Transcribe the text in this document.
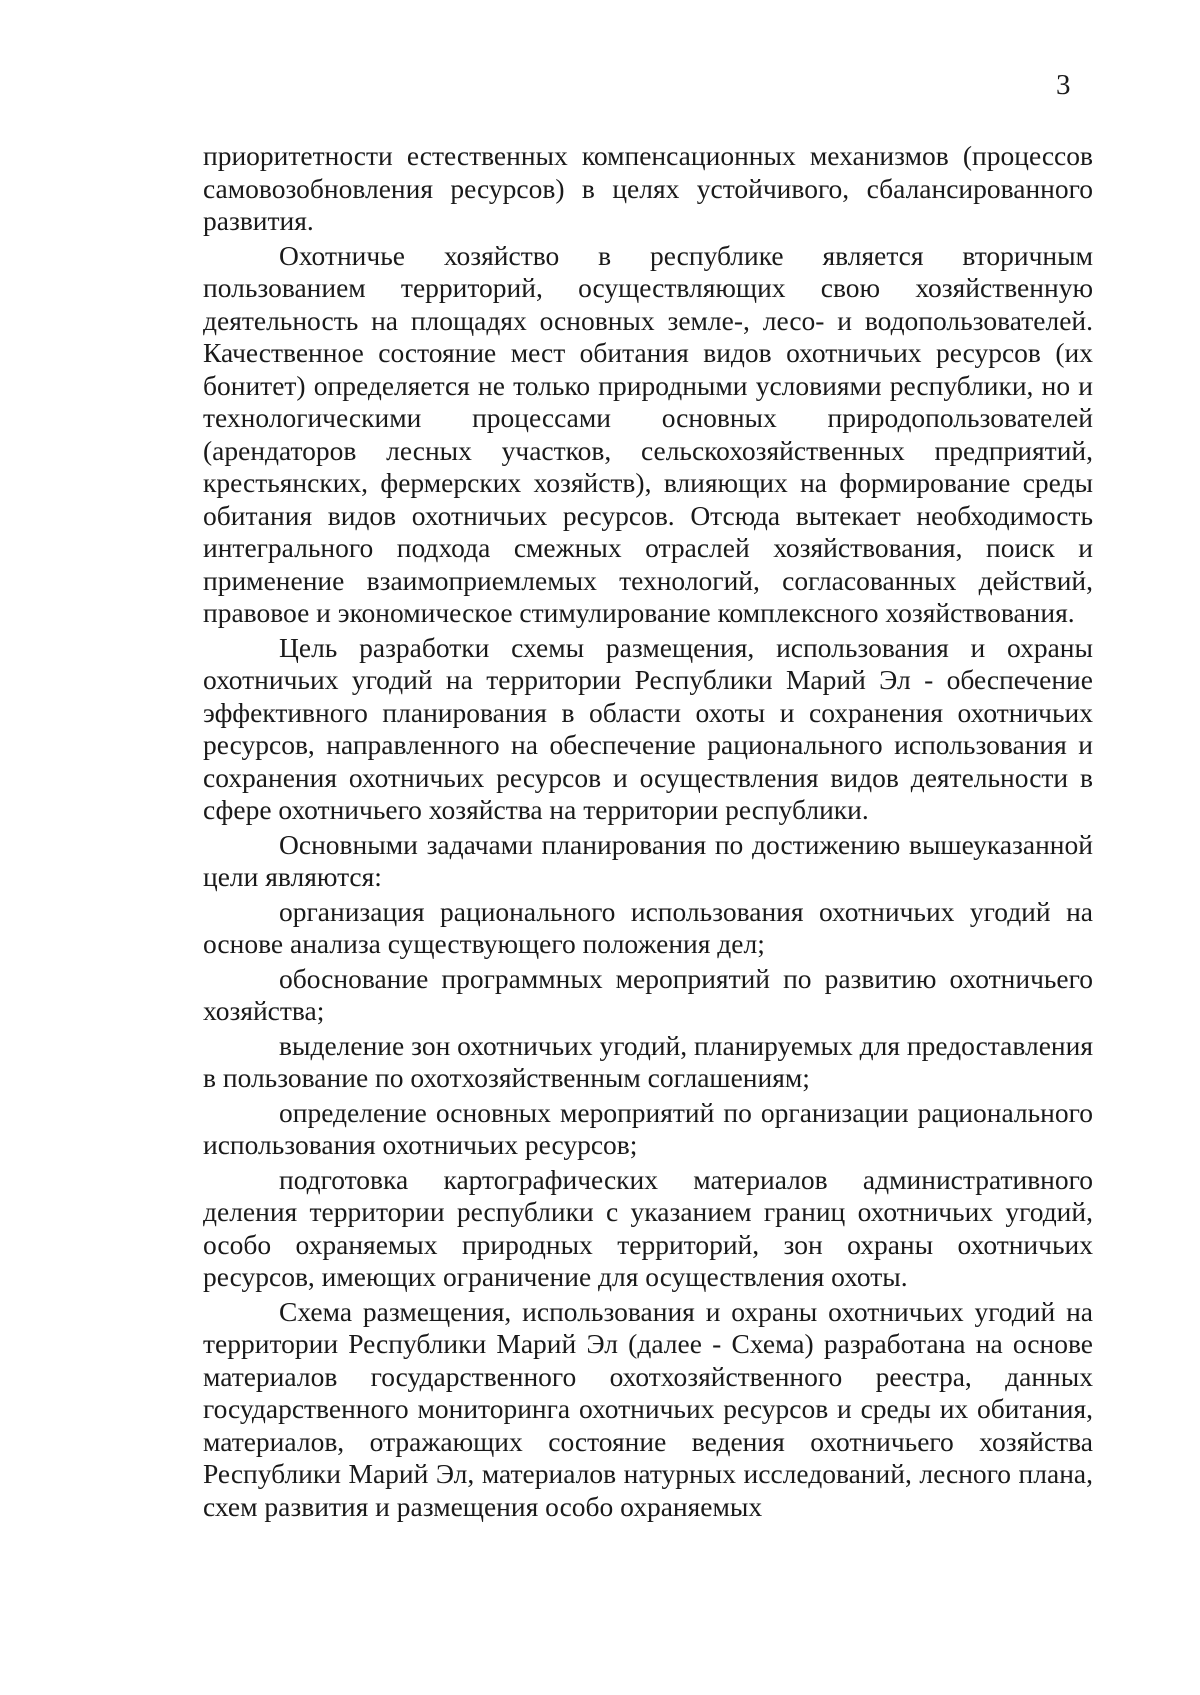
3

приоритетности естественных компенсационных механизмов (процессов самовозобновления ресурсов) в целях устойчивого, сбалансированного развития.

Охотничье хозяйство в республике является вторичным пользованием территорий, осуществляющих свою хозяйственную деятельность на площадях основных земле-, лесо- и водопользователей. Качественное состояние мест обитания видов охотничьих ресурсов (их бонитет) определяется не только природными условиями республики, но и технологическими процессами основных природопользователей (арендаторов лесных участков, сельскохозяйственных предприятий, крестьянских, фермерских хозяйств), влияющих на формирование среды обитания видов охотничьих ресурсов. Отсюда вытекает необходимость интегрального подхода смежных отраслей хозяйствования, поиск и применение взаимоприемлемых технологий, согласованных действий, правовое и экономическое стимулирование комплексного хозяйствования.

Цель разработки схемы размещения, использования и охраны охотничьих угодий на территории Республики Марий Эл - обеспечение эффективного планирования в области охоты и сохранения охотничьих ресурсов, направленного на обеспечение рационального использования и сохранения охотничьих ресурсов и осуществления видов деятельности в сфере охотничьего хозяйства на территории республики.

Основными задачами планирования по достижению вышеуказанной цели являются:

организация рационального использования охотничьих угодий на основе анализа существующего положения дел;

обоснование программных мероприятий по развитию охотничьего хозяйства;

выделение зон охотничьих угодий, планируемых для предоставления в пользование по охотхозяйственным соглашениям;

определение основных мероприятий по организации рационального использования охотничьих ресурсов;

подготовка картографических материалов административного деления территории республики с указанием границ охотничьих угодий, особо охраняемых природных территорий, зон охраны охотничьих ресурсов, имеющих ограничение для осуществления охоты.

Схема размещения, использования и охраны охотничьих угодий на территории Республики Марий Эл (далее - Схема) разработана на основе материалов государственного охотхозяйственного реестра, данных государственного мониторинга охотничьих ресурсов и среды их обитания, материалов, отражающих состояние ведения охотничьего хозяйства Республики Марий Эл, материалов натурных исследований, лесного плана, схем развития и размещения особо охраняемых
